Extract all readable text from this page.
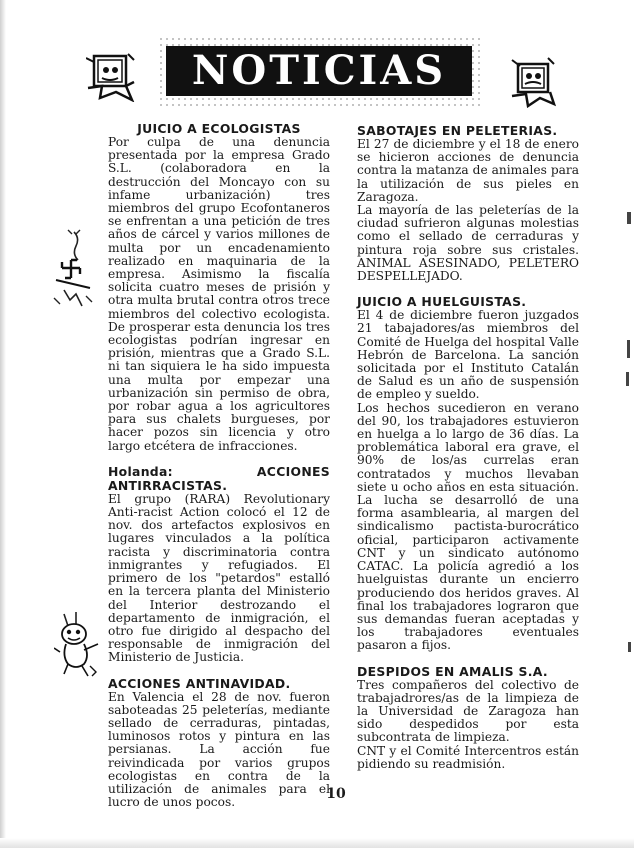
NOTICIAS
JUICIO A ECOLOGISTAS

Por culpa de una denuncia presentada por la empresa Grado S.L. (colaboradora en la destrucción del Moncayo con su infame urbanización) tres miembros del grupo Ecofontaneros se enfrentan a una petición de tres años de cárcel y varios millones de multa por un encadenamiento realizado en maquinaria de la empresa. Asimismo la fiscalía solicita cuatro meses de prisión y otra multa brutal contra otros trece miembros del colectivo ecologista. De prosperar esta denuncia los tres ecologistas podrían ingresar en prisión, mientras que a Grado S.L. ni tan siquiera le ha sido impuesta una multa por empezar una urbanización sin permiso de obra, por robar agua a los agricultores para sus chalets burgueses, por hacer pozos sin licencia y otro largo etcétera de infracciones.

Holanda: ACCIONES ANTIRRACISTAS.

El grupo (RARA) Revolutionary Anti-racist Action colocó el 12 de nov. dos artefactos explosivos en lugares vinculados a la política racista y discriminatoria contra inmigrantes y refugiados. El primero de los "petardos" estalló en la tercera planta del Ministerio del Interior destrozando el departamento de inmigración, el otro fue dirigido al despacho del responsable de inmigración del Ministerio de Justicia.

ACCIONES ANTINAVIDAD.

En Valencia el 28 de nov. fueron saboteadas 25 peleterías, mediante sellado de cerraduras, pintadas, luminosos rotos y pintura en las persianas. La acción fue reivindicada por varios grupos ecologistas en contra de la utilización de animales para el lucro de unos pocos.

SABOTAJES EN PELETERIAS.

El 27 de diciembre y el 18 de enero se hicieron acciones de denuncia contra la matanza de animales para la utilización de sus pieles en Zaragoza.

La mayoría de las peleterías de la ciudad sufrieron algunas molestias como el sellado de cerraduras y pintura roja sobre sus cristales. ANIMAL ASESINADO, PELETERO DESPELLEJADO.

JUICIO A HUELGUISTAS.

El 4 de diciembre fueron juzgados 21 tabajadores/as miembros del Comité de Huelga del hospital Valle Hebrón de Barcelona. La sanción solicitada por el Instituto Catalán de Salud es un año de suspensión de empleo y sueldo.

Los hechos sucedieron en verano del 90, los trabajadores estuvieron en huelga a lo largo de 36 días. La problemática laboral era grave, el 90% de los/as currelas eran contratados y muchos llevaban siete u ocho años en esta situación. La lucha se desarrolló de una forma asamblearia, al margen del sindicalismo pactista-burocrático oficial, participaron activamente CNT y un sindicato autónomo CATAC. La policía agredió a los huelguistas durante un encierro produciendo dos heridos graves. Al final los trabajadores lograron que sus demandas fueran aceptadas y los trabajadores eventuales pasaron a fijos.

DESPIDOS EN AMALIS S.A.

Tres compañeros del colectivo de trabajadrores/as de la limpieza de la Universidad de Zaragoza han sido despedidos por esta subcontrata de limpieza.

CNT y el Comité Intercentros están pidiendo su readmisión.

10
